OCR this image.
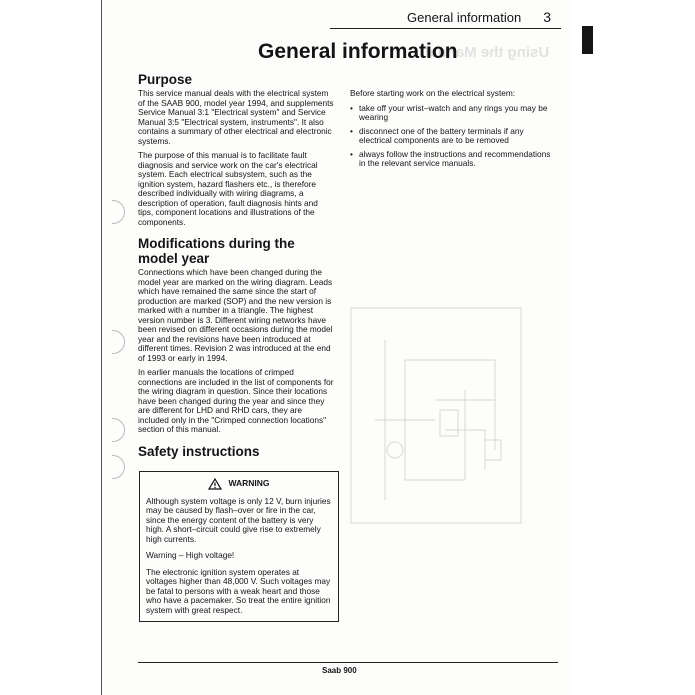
Using the Manual
General information 3
General information
Purpose

This service manual deals with the electrical system of the SAAB 900, model year 1994, and supplements Service Manual 3:1 "Electrical system" and Service Manual 3:5 "Electrical system, instruments". It also contains a summary of other electrical and electronic systems.

The purpose of this manual is to facilitate fault diagnosis and service work on the car's electrical system. Each electrical subsystem, such as the ignition system, hazard flashers etc., is therefore described individually with wiring diagrams, a description of operation, fault diagnosis hints and tips, component locations and illustrations of the components.

Modifications during the model year

Connections which have been changed during the model year are marked on the wiring diagram. Leads which have remained the same since the start of production are marked (SOP) and the new version is marked with a number in a triangle. The highest version number is 3. Different wiring networks have been revised on different occasions during the model year and the revisions have been introduced at different times. Revision 2 was introduced at the end of 1993 or early in 1994.

In earlier manuals the locations of crimped connections are included in the list of components for the wiring diagram in question. Since their locations have been changed during the year and since they are different for LHD and RHD cars, they are included only in the "Crimped connection locations" section of this manual.

Safety instructions
WARNING

Although system voltage is only 12 V, burn injuries may be caused by flash–over or fire in the car, since the energy content of the battery is very high. A short–circuit could give rise to extremely high currents.

Warning – High voltage!

The electronic ignition system operates at voltages higher than 48,000 V. Such voltages may be fatal to persons with a weak heart and those who have a pacemaker. So treat the entire ignition system with great respect.

Before starting work on the electrical system:

• take off your wrist–watch and any rings you may be wearing
• disconnect one of the battery terminals if any electrical components are to be removed
• always follow the instructions and recommendations in the relevant service manuals.
Saab 900
